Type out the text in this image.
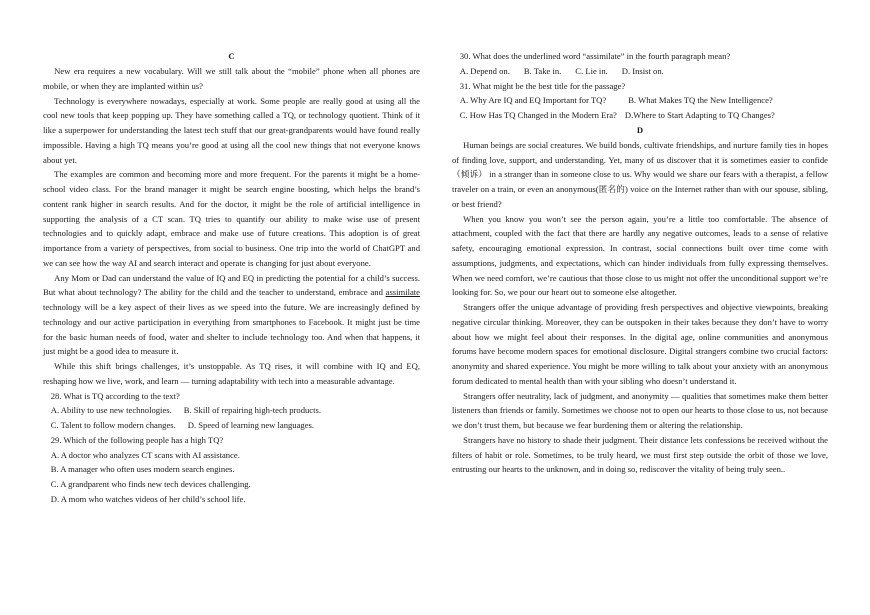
C

New era requires a new vocabulary. Will we still talk about the “mobile” phone when all phones are mobile, or when they are implanted within us?

Technology is everywhere nowadays, especially at work. Some people are really good at using all the cool new tools that keep popping up. They have something called a TQ, or technology quotient. Think of it like a superpower for understanding the latest tech stuff that our great-grandparents would have found really impossible. Having a high TQ means you’re good at using all the cool new things that not everyone knows about yet.

The examples are common and becoming more and more frequent. For the parents it might be a home-school video class. For the brand manager it might be search engine boosting, which helps the brand’s content rank higher in search results. And for the doctor, it might be the role of artificial intelligence in supporting the analysis of a CT scan. TQ tries to quantify our ability to make wise use of present technologies and to quickly adapt, embrace and make use of future creations. This adoption is of great importance from a variety of perspectives, from social to business. One trip into the world of ChatGPT and we can see how the way AI and search interact and operate is changing for just about everyone.

Any Mom or Dad can understand the value of IQ and EQ in predicting the potential for a child’s success. But what about technology? The ability for the child and the teacher to understand, embrace and assimilate technology will be a key aspect of their lives as we speed into the future. We are increasingly defined by technology and our active participation in everything from smartphones to Facebook. It might just be time for the basic human needs of food, water and shelter to include technology too. And when that happens, it just might be a good idea to measure it.

While this shift brings challenges, it’s unstoppable. As TQ rises, it will combine with IQ and EQ, reshaping how we live, work, and learn — turning adaptability with tech into a measurable advantage.

28. What is TQ according to the text?

A. Ability to use new technologies. B. Skill of repairing high-tech products.

C. Talent to follow modern changes. D. Speed of learning new languages.

29. Which of the following people has a high TQ?

A. A doctor who analyzes CT scans with AI assistance.

B. A manager who often uses modern search engines.

C. A grandparent who finds new tech devices challenging.

D. A mom who watches videos of her child’s school life.

30. What does the underlined word “assimilate” in the fourth paragraph mean?

A. Depend on. B. Take in. C. Lie in. D. Insist on.

31. What might be the best title for the passage?

A. Why Are IQ and EQ Important for TQ?	B. What Makes TQ the New Intelligence?

C. How Has TQ Changed in the Modern Era? D.Where to Start Adapting to TQ Changes?

D

Human beings are social creatures. We build bonds, cultivate friendships, and nurture family ties in hopes of finding love, support, and understanding. Yet, many of us discover that it is sometimes easier to confide（倾诉） in a stranger than in someone close to us. Why would we share our fears with a therapist, a fellow traveler on a train, or even an anonymous(匿名的) voice on the Internet rather than with our spouse, sibling, or best friend?

When you know you won’t see the person again, you’re a little too comfortable. The absence of attachment, coupled with the fact that there are hardly any negative outcomes, leads to a sense of relative safety, encouraging emotional expression. In contrast, social connections built over time come with assumptions, judgments, and expectations, which can hinder individuals from fully expressing themselves. When we need comfort, we’re cautious that those close to us might not offer the unconditional support we’re looking for. So, we pour our heart out to someone else altogether.

Strangers offer the unique advantage of providing fresh perspectives and objective viewpoints, breaking negative circular thinking. Moreover, they can be outspoken in their takes because they don’t have to worry about how we might feel about their responses. In the digital age, online communities and anonymous forums have become modern spaces for emotional disclosure. Digital strangers combine two crucial factors: anonymity and shared experience. You might be more willing to talk about your anxiety with an anonymous forum dedicated to mental health than with your sibling who doesn’t understand it.

Strangers offer neutrality, lack of judgment, and anonymity — qualities that sometimes make them better listeners than friends or family. Sometimes we choose not to open our hearts to those close to us, not because we don’t trust them, but because we fear burdening them or altering the relationship.

Strangers have no history to shade their judgment. Their distance lets confessions be received without the filters of habit or role. Sometimes, to be truly heard, we must first step outside the orbit of those we love, entrusting our hearts to the unknown, and in doing so, rediscover the vitality of being truly seen..
